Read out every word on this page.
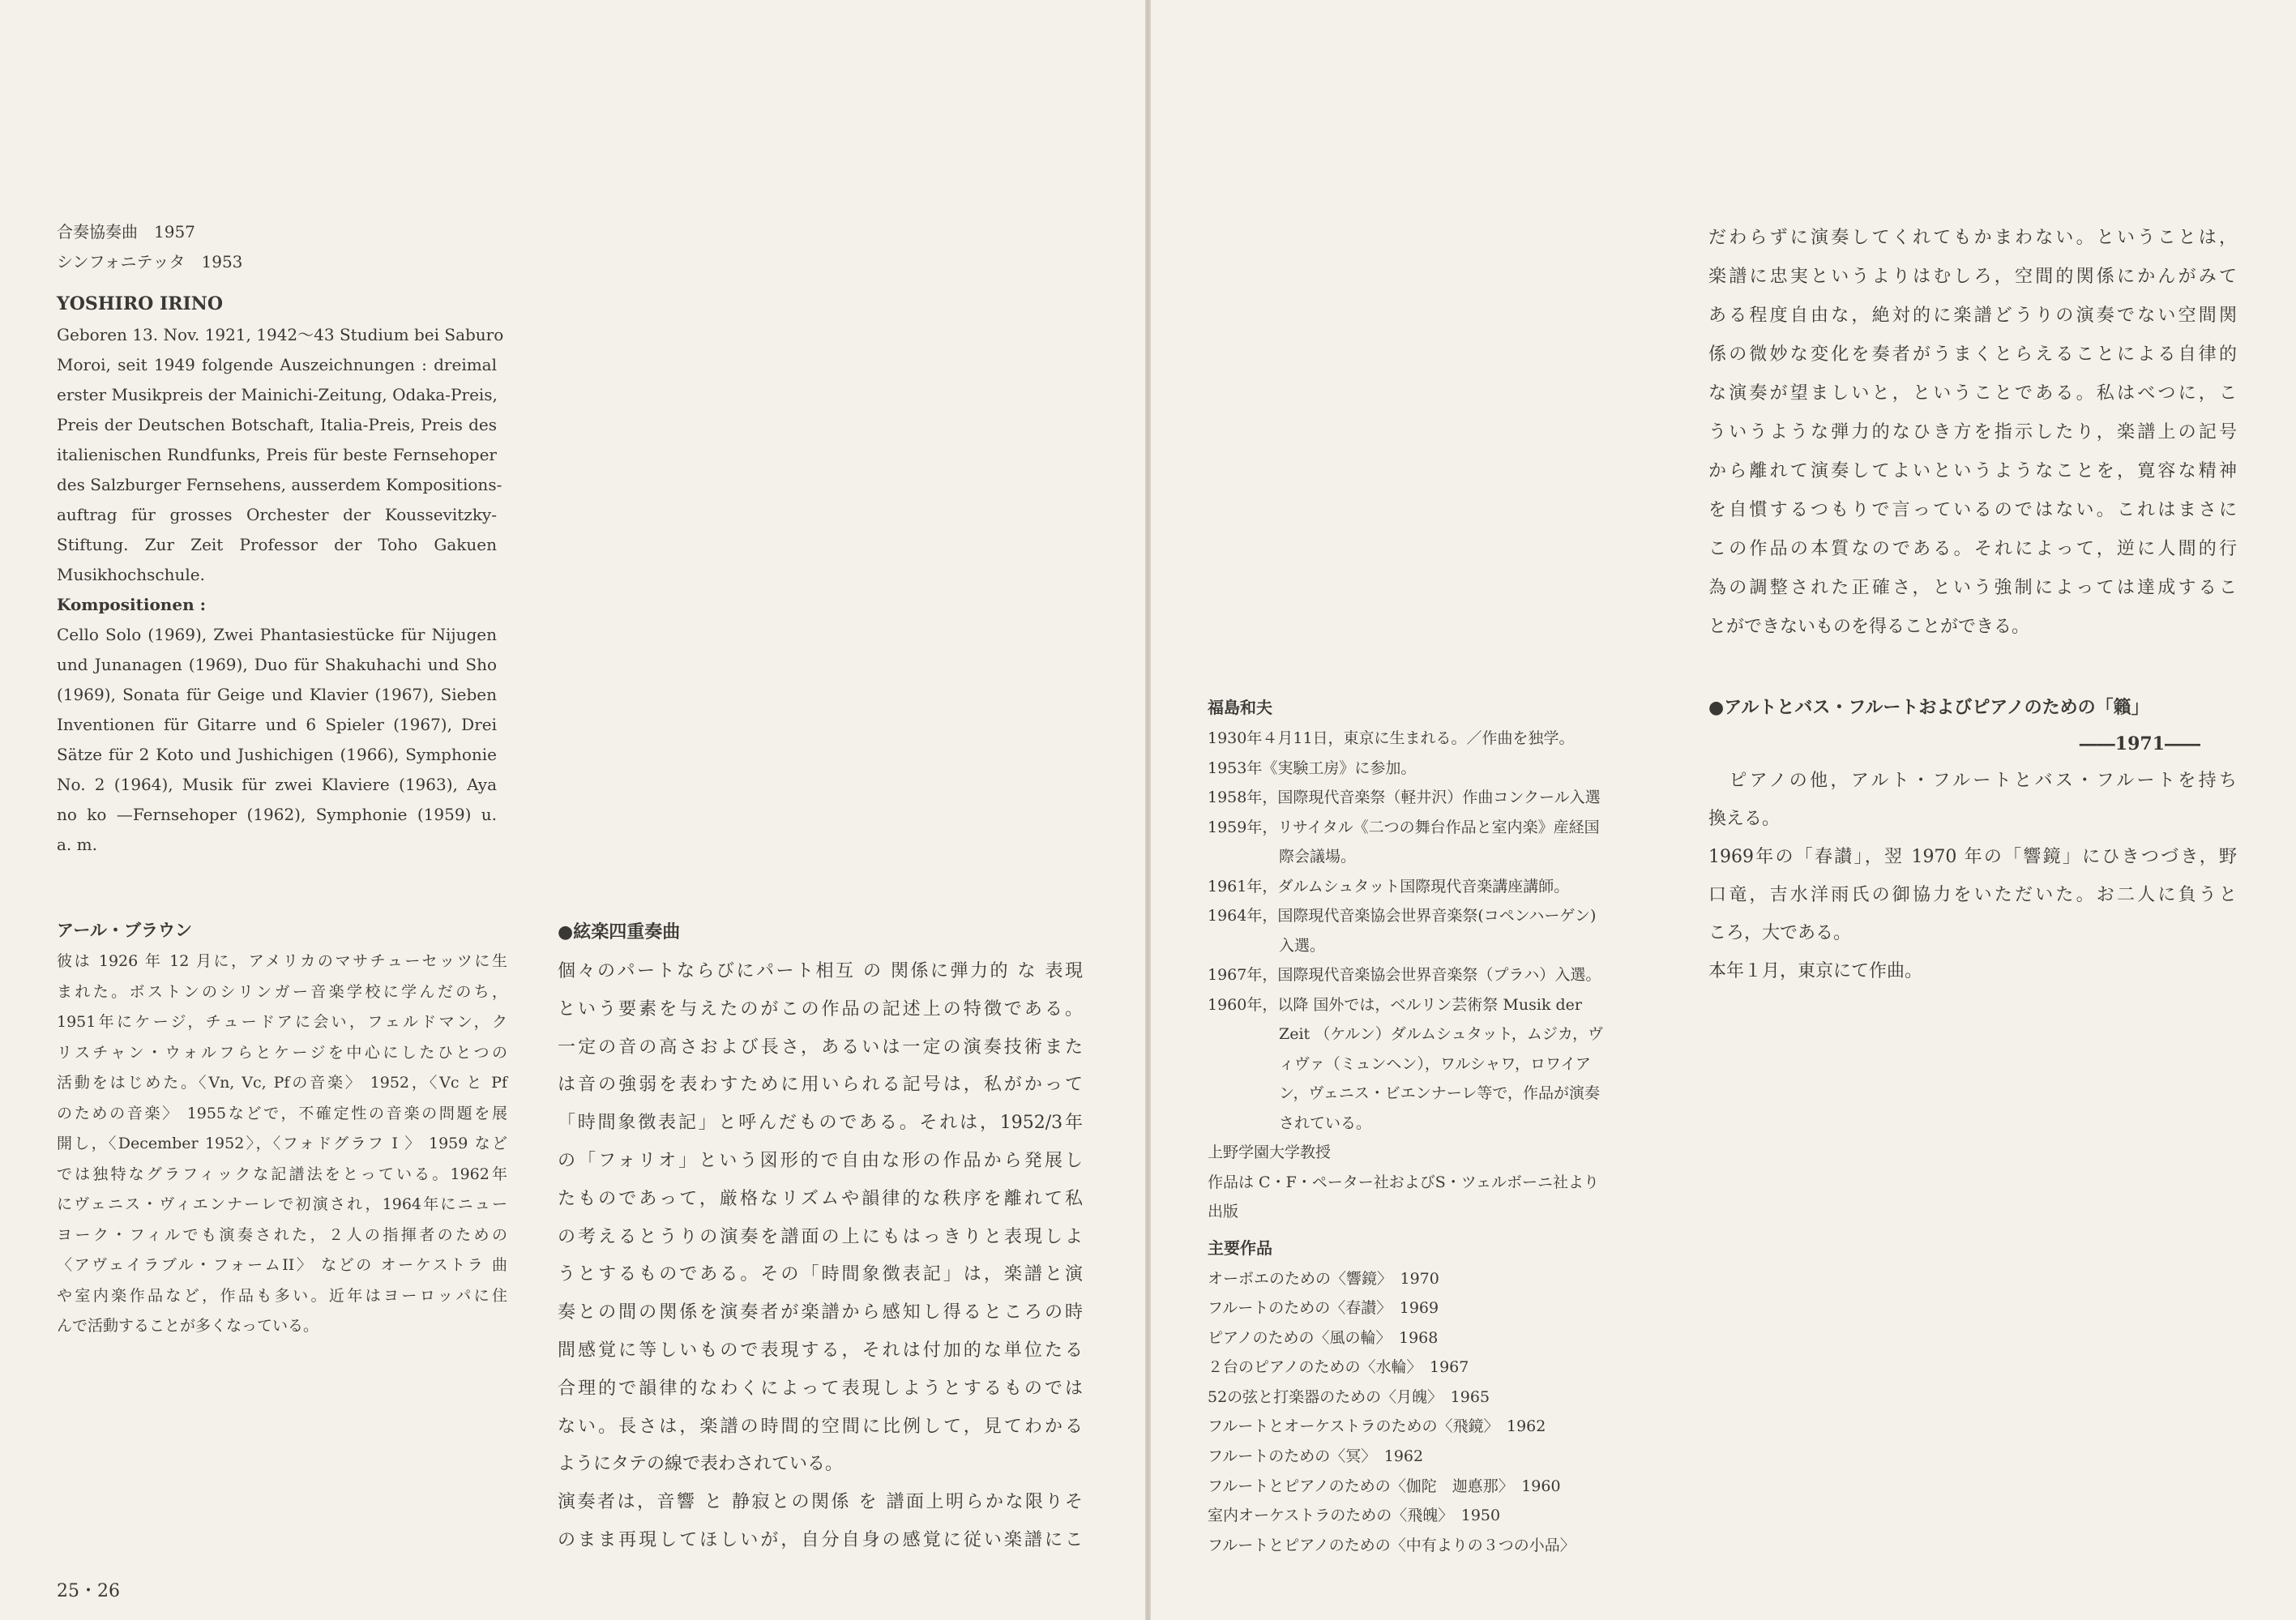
合奏協奏曲　1957
シンフォニテッタ　1953
YOSHIRO IRINO
Geboren 13. Nov. 1921, 1942～43 Studium bei Saburo
Moroi, seit 1949 folgende Auszeichnungen : dreimal
erster Musikpreis der Mainichi-Zeitung, Odaka-Preis,
Preis der Deutschen Botschaft, Italia-Preis, Preis des
italienischen Rundfunks, Preis für beste Fernsehoper
des Salzburger Fernsehens, ausserdem Kompositions-
auftrag für grosses Orchester der Koussevitzky-
Stiftung. Zur Zeit Professor der Toho Gakuen
Musikhochschule.
Kompositionen :
Cello Solo (1969), Zwei Phantasiestücke für Nijugen
und Junanagen (1969), Duo für Shakuhachi und Sho
(1969), Sonata für Geige und Klavier (1967), Sieben
Inventionen für Gitarre und 6 Spieler (1967), Drei
Sätze für 2 Koto und Jushichigen (1966), Symphonie
No. 2 (1964), Musik für zwei Klaviere (1963), Aya
no ko —Fernsehoper (1962), Symphonie (1959) u.
a. m.
アール・ブラウン
彼は 1926 年 12 月に，アメリカのマサチューセッツに生
まれた。ボストンのシリンガー音楽学校に学んだのち，
1951年にケージ，チュードアに会い，フェルドマン，ク
リスチャン・ウォルフらとケージを中心にしたひとつの
活動をはじめた。〈Vn, Vc, Pfの音楽〉 1952，〈Vc と Pf
のための音楽〉 1955などで，不確定性の音楽の問題を展
開し，〈December 1952〉，〈フォドグラフ I 〉 1959 など
では独特なグラフィックな記譜法をとっている。1962年
にヴェニス・ヴィエンナーレで初演され，1964年にニュー
ヨーク・フィルでも演奏された，２人の指揮者のための
〈アヴェイラブル・フォームII〉 などの オーケストラ 曲
や室内楽作品など，作品も多い。近年はヨーロッパに住
んで活動することが多くなっている。
●絃楽四重奏曲
個々のパートならびにパート相互 の 関係に弾力的 な 表現
という要素を与えたのがこの作品の記述上の特徴である。
一定の音の高さおよび長さ，あるいは一定の演奏技術また
は音の強弱を表わすために用いられる記号は，私がかって
「時間象徴表記」と呼んだものである。それは，1952/3年
の「フォリオ」という図形的で自由な形の作品から発展し
たものであって，厳格なリズムや韻律的な秩序を離れて私
の考えるとうりの演奏を譜面の上にもはっきりと表現しよ
うとするものである。その「時間象徴表記」は，楽譜と演
奏との間の関係を演奏者が楽譜から感知し得るところの時
間感覚に等しいもので表現する，それは付加的な単位たる
合理的で韻律的なわくによって表現しようとするものでは
ない。長さは，楽譜の時間的空間に比例して，見てわかる
ようにタテの線で表わされている。
演奏者は，音響 と 静寂との関係 を 譜面上明らかな限りそ
のまま再現してほしいが，自分自身の感覚に従い楽譜にこ
25・26
福島和夫
1930年４月11日，東京に生まれる。／作曲を独学。
1953年《実験工房》に参加。
1958年，国際現代音楽祭（軽井沢）作曲コンクール入選
1959年，リサイタル《二つの舞台作品と室内楽》産経国
際会議場。
1961年，ダルムシュタット国際現代音楽講座講師。
1964年，国際現代音楽協会世界音楽祭(コペンハーゲン)
入選。
1967年，国際現代音楽協会世界音楽祭（プラハ）入選。
1960年，以降 国外では，ベルリン芸術祭 Musik der
Zeit （ケルン）ダルムシュタット，ムジカ，ヴ
ィヴァ（ミュンヘン），ワルシャワ，ロワイア
ン，ヴェニス・ビエンナーレ等で，作品が演奏
されている。
上野学園大学教授
作品は C・F・ペーター社およびS・ツェルボーニ社より
出版
主要作品
オーボエのための〈響鏡〉　1970
フルートのための〈春讃〉　1969
ピアノのための〈風の輪〉　1968
２台のピアノのための〈水輪〉　1967
52の弦と打楽器のための〈月魄〉　1965
フルートとオーケストラのための〈飛鏡〉　1962
フルートのための〈冥〉　1962
フルートとピアノのための〈伽陀　迦悳那〉　1960
室内オーケストラのための〈飛魄〉　1950
フルートとピアノのための〈中有よりの３つの小品〉
だわらずに演奏してくれてもかまわない。ということは，
楽譜に忠実というよりはむしろ，空間的関係にかんがみて
ある程度自由な，絶対的に楽譜どうりの演奏でない空間関
係の微妙な変化を奏者がうまくとらえることによる自律的
な演奏が望ましいと，ということである。私はべつに，こ
ういうような弾力的なひき方を指示したり，楽譜上の記号
から離れて演奏してよいというようなことを，寛容な精神
を自慣するつもりで言っているのではない。これはまさに
この作品の本質なのである。それによって，逆に人間的行
為の調整された正確さ，という強制によっては達成するこ
とができないものを得ることができる。
●アルトとバス・フルートおよびピアノのための「籟」
――1971――
　ピアノの他，アルト・フルートとバス・フルートを持ち
換える。
1969年の「春讃」，翌 1970 年の「響鏡」にひきつづき，野
口竜，吉水洋雨氏の御協力をいただいた。お二人に負うと
ころ，大である。
本年１月，東京にて作曲。
